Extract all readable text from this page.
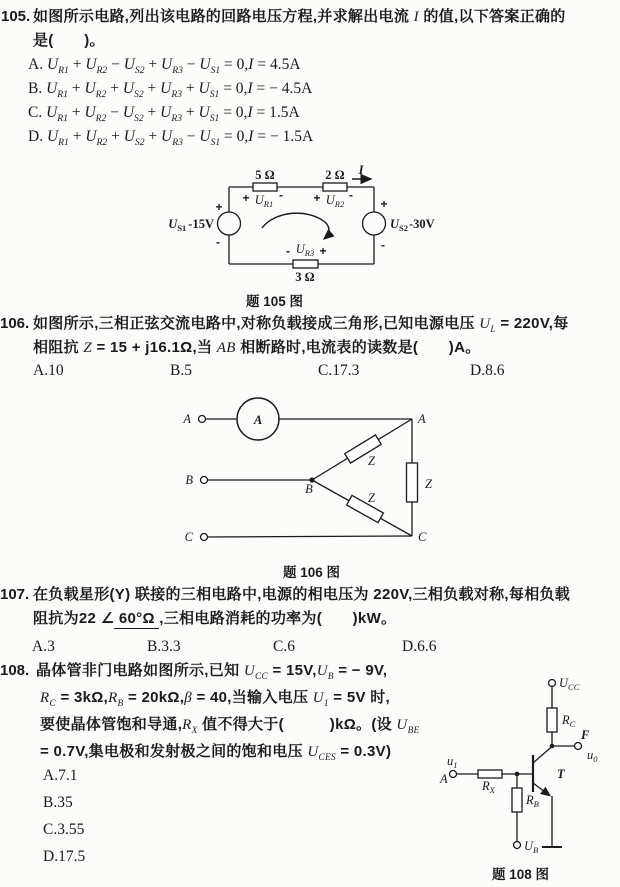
105. 如图所示电路,列出该电路的回路电压方程,并求解出电流 I 的值,以下答案正确的
是(　　)。
A. $U_{R1} + U_{R2} - U_{S2} + U_{R3} - U_{S1} = 0,I = 4.5A$
B. $U_{R1} + U_{R2} + U_{S2} + U_{R3} + U_{S1} = 0,I$ = − 4.5A
C. $U_{R1} + U_{R2} - U_{S2} + U_{R3} + U_{S1} = 0,I = 1.5A$
D. $U_{R1} + U_{R2} + U_{S2} + U_{R3} - U_{S1} = 0,I$ = − 1.5A
5 Ω	2 Ω
3 Ω
+ $U_{R1}$
-	+ $U_{R2}$
-
- $U_{R3}$ +
I
+
-
$U_{S1}$ -15V
+
-
$U_{S2}-30V$
题 105 图
106. 如图所示,三相正弦交流电路中,对称负载接成三角形,已知电源电压 $U_L = 220V$,每
相阻抗 Z = 15 + j16.1Ω,当 AB 相断路时,电流表的读数是(　　)A。
A.10	B.5	C.17.3	D.8.6
A
A
B
C
A
B
C
Z
Z
Z
题 106 图
107. 在负载星形(Y) 联接的三相电路中,电源的相电压为 220V,三相负载对称,每相负载
阻抗为22 ∠ 60°Ω ,三相电路消耗的功率为(　　)kW。
A.3	B.3.3	C.6	D.6.6
108. 晶体管非门电路如图所示,已知 $U_{CC} = 15V,U_B$ = − 9V,
$R_C = 3k\Omega,R_B = 20k\Omega,\beta = 40$,当输入电压 $U_1 = 5V$ 时,
要使晶体管饱和导通$,R_X$ 值不得大于(　　　)kΩ。(设 $U_{BE}$
= 0.7V,集电极和发射极之间的饱和电压 $U_{CES} = 0.3V$)
A.7.1
B.35
C.3.55
D.17.5
$U_{CC}$
$R_C$
F
$u_0$
$u_1$
A	$R_X$
$R_B$
$U_B$
T
题 108 图
